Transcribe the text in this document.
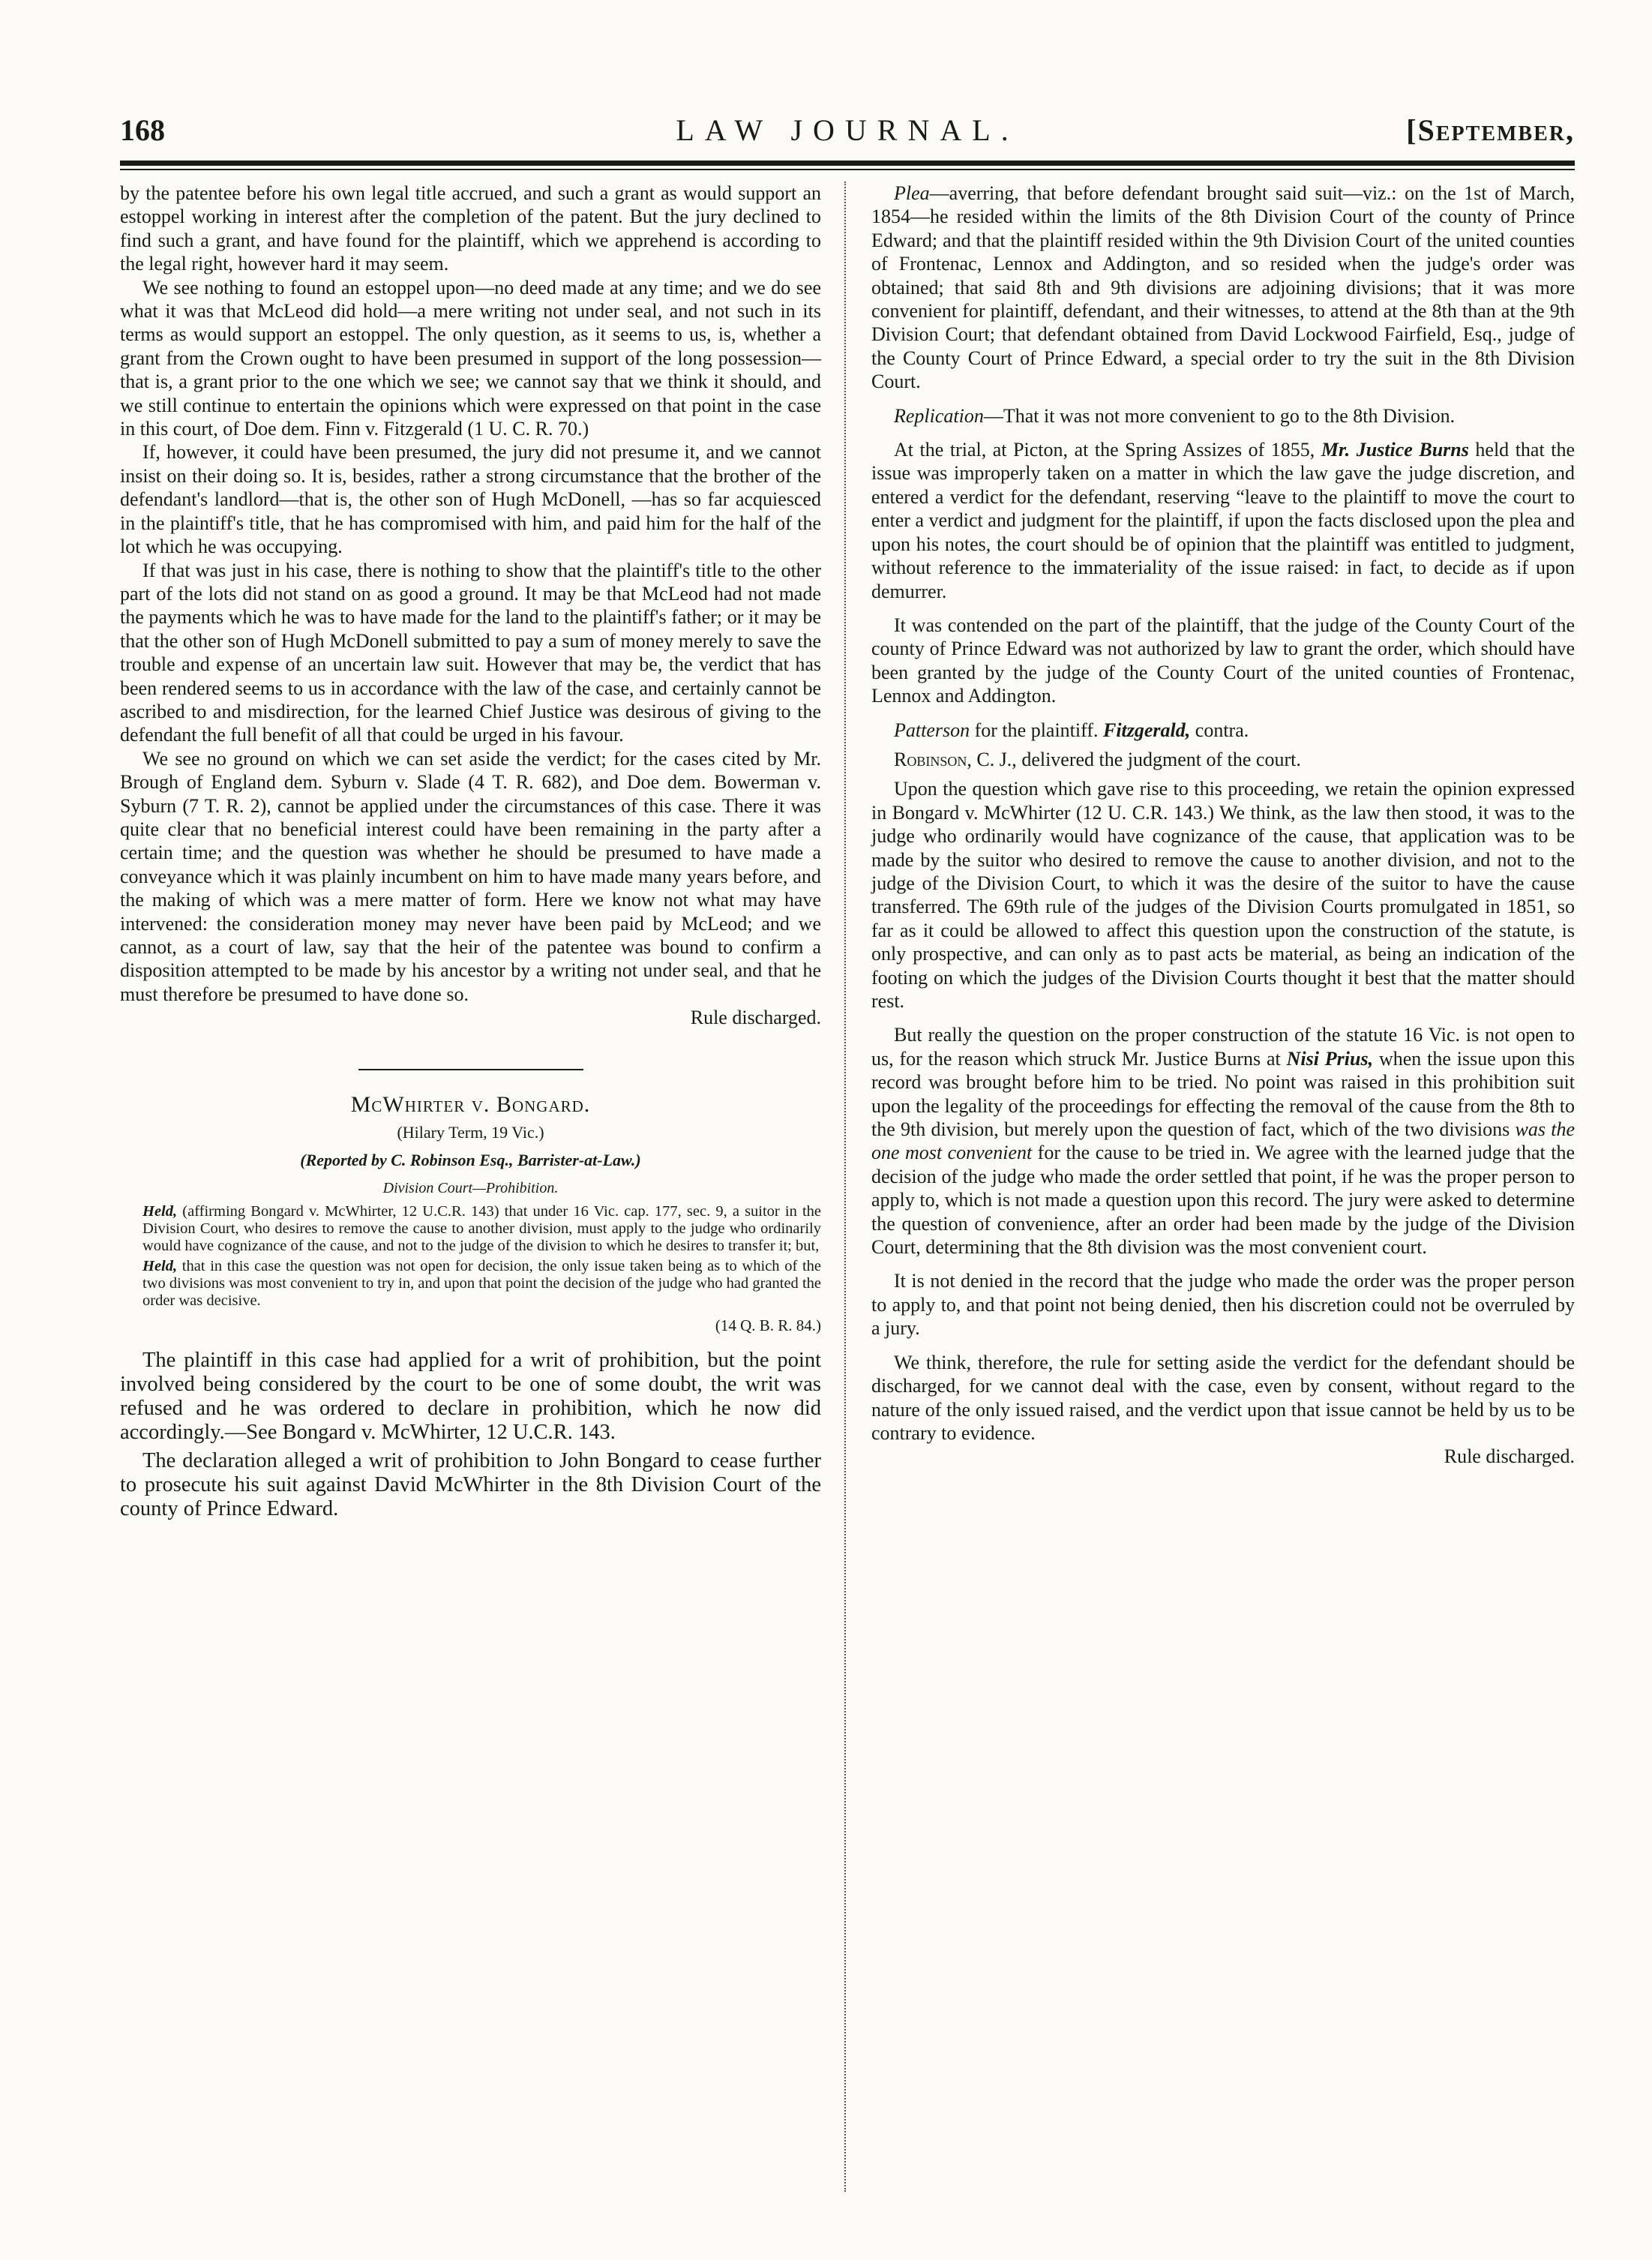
168	LAW JOURNAL.	[September,

by the patentee before his own legal title accrued, and such a grant as would support an estoppel working in interest after the completion of the patent. But the jury declined to find such a grant, and have found for the plaintiff, which we apprehend is according to the legal right, however hard it may seem.

We see nothing to found an estoppel upon—no deed made at any time; and we do see what it was that McLeod did hold—a mere writing not under seal, and not such in its terms as would support an estoppel. The only question, as it seems to us, is, whether a grant from the Crown ought to have been presumed in support of the long possession—that is, a grant prior to the one which we see; we cannot say that we think it should, and we still continue to entertain the opinions which were expressed on that point in the case in this court, of Doe dem. Finn v. Fitzgerald (1 U. C. R. 70.)

If, however, it could have been presumed, the jury did not presume it, and we cannot insist on their doing so. It is, besides, rather a strong circumstance that the brother of the defendant's landlord—that is, the other son of Hugh McDonell, —has so far acquiesced in the plaintiff's title, that he has compromised with him, and paid him for the half of the lot which he was occupying.

If that was just in his case, there is nothing to show that the plaintiff's title to the other part of the lots did not stand on as good a ground. It may be that McLeod had not made the payments which he was to have made for the land to the plaintiff's father; or it may be that the other son of Hugh McDonell submitted to pay a sum of money merely to save the trouble and expense of an uncertain law suit. However that may be, the verdict that has been rendered seems to us in accordance with the law of the case, and certainly cannot be ascribed to and misdirection, for the learned Chief Justice was desirous of giving to the defendant the full benefit of all that could be urged in his favour.

We see no ground on which we can set aside the verdict; for the cases cited by Mr. Brough of England dem. Syburn v. Slade (4 T. R. 682), and Doe dem. Bowerman v. Syburn (7 T. R. 2), cannot be applied under the circumstances of this case. There it was quite clear that no beneficial interest could have been remaining in the party after a certain time; and the question was whether he should be presumed to have made a conveyance which it was plainly incumbent on him to have made many years before, and the making of which was a mere matter of form. Here we know not what may have intervened: the consideration money may never have been paid by McLeod; and we cannot, as a court of law, say that the heir of the patentee was bound to confirm a disposition attempted to be made by his ancestor by a writing not under seal, and that he must therefore be presumed to have done so.

Rule discharged.

McWhirter v. Bongard.

(Hilary Term, 19 Vic.)

(Reported by C. Robinson Esq., Barrister-at-Law.)

Division Court—Prohibition.

Held, (affirming Bongard v. McWhirter, 12 U.C.R. 143) that under 16 Vic. cap. 177, sec. 9, a suitor in the Division Court, who desires to remove the cause to another division, must apply to the judge who ordinarily would have cognizance of the cause, and not to the judge of the division to which he desires to transfer it; but,

Held, that in this case the question was not open for decision, the only issue taken being as to which of the two divisions was most convenient to try in, and upon that point the decision of the judge who had granted the order was decisive.

(14 Q. B. R. 84.)

The plaintiff in this case had applied for a writ of prohibition, but the point involved being considered by the court to be one of some doubt, the writ was refused and he was ordered to declare in prohibition, which he now did accordingly.—See Bongard v. McWhirter, 12 U.C.R. 143.

The declaration alleged a writ of prohibition to John Bongard to cease further to prosecute his suit against David McWhirter in the 8th Division Court of the county of Prince Edward.

Plea—averring, that before defendant brought said suit—viz.: on the 1st of March, 1854—he resided within the limits of the 8th Division Court of the county of Prince Edward; and that the plaintiff resided within the 9th Division Court of the united counties of Frontenac, Lennox and Addington, and so resided when the judge's order was obtained; that said 8th and 9th divisions are adjoining divisions; that it was more convenient for plaintiff, defendant, and their witnesses, to attend at the 8th than at the 9th Division Court; that defendant obtained from David Lockwood Fairfield, Esq., judge of the County Court of Prince Edward, a special order to try the suit in the 8th Division Court.

Replication—That it was not more convenient to go to the 8th Division.

At the trial, at Picton, at the Spring Assizes of 1855, Mr. Justice Burns held that the issue was improperly taken on a matter in which the law gave the judge discretion, and entered a verdict for the defendant, reserving “leave to the plaintiff to move the court to enter a verdict and judgment for the plaintiff, if upon the facts disclosed upon the plea and upon his notes, the court should be of opinion that the plaintiff was entitled to judgment, without reference to the immateriality of the issue raised: in fact, to decide as if upon demurrer.

It was contended on the part of the plaintiff, that the judge of the County Court of the county of Prince Edward was not authorized by law to grant the order, which should have been granted by the judge of the County Court of the united counties of Frontenac, Lennox and Addington.

Patterson for the plaintiff. Fitzgerald, contra.

Robinson, C. J., delivered the judgment of the court.

Upon the question which gave rise to this proceeding, we retain the opinion expressed in Bongard v. McWhirter (12 U. C.R. 143.) We think, as the law then stood, it was to the judge who ordinarily would have cognizance of the cause, that application was to be made by the suitor who desired to remove the cause to another division, and not to the judge of the Division Court, to which it was the desire of the suitor to have the cause transferred. The 69th rule of the judges of the Division Courts promulgated in 1851, so far as it could be allowed to affect this question upon the construction of the statute, is only prospective, and can only as to past acts be material, as being an indication of the footing on which the judges of the Division Courts thought it best that the matter should rest.

But really the question on the proper construction of the statute 16 Vic. is not open to us, for the reason which struck Mr. Justice Burns at Nisi Prius, when the issue upon this record was brought before him to be tried. No point was raised in this prohibition suit upon the legality of the proceedings for effecting the removal of the cause from the 8th to the 9th division, but merely upon the question of fact, which of the two divisions was the one most convenient for the cause to be tried in. We agree with the learned judge that the decision of the judge who made the order settled that point, if he was the proper person to apply to, which is not made a question upon this record. The jury were asked to determine the question of convenience, after an order had been made by the judge of the Division Court, determining that the 8th division was the most convenient court.

It is not denied in the record that the judge who made the order was the proper person to apply to, and that point not being denied, then his discretion could not be overruled by a jury.

We think, therefore, the rule for setting aside the verdict for the defendant should be discharged, for we cannot deal with the case, even by consent, without regard to the nature of the only issued raised, and the verdict upon that issue cannot be held by us to be contrary to evidence.

Rule discharged.
